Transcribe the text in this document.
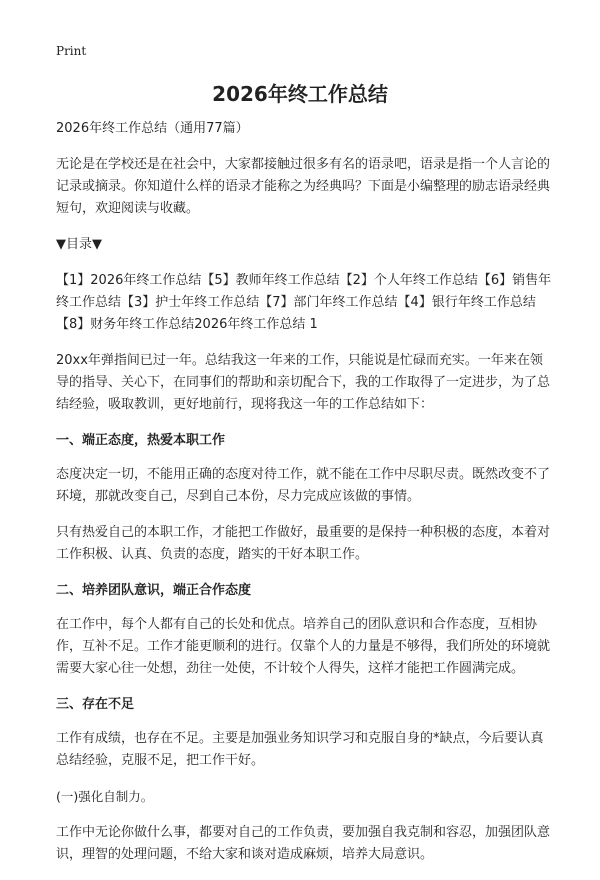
Print
2026年终工作总结

2026年终工作总结（通用77篇）

无论是在学校还是在社会中，大家都接触过很多有名的语录吧，语录是指一个人言论的记录或摘录。你知道什么样的语录才能称之为经典吗？下面是小编整理的励志语录经典短句，欢迎阅读与收藏。

▼目录▼

【1】2026年终工作总结【5】教师年终工作总结【2】个人年终工作总结【6】销售年终工作总结【3】护士年终工作总结【7】部门年终工作总结【4】银行年终工作总结【8】财务年终工作总结2026年终工作总结 1

20xx年弹指间已过一年。总结我这一年来的工作，只能说是忙碌而充实。一年来在领导的指导、关心下，在同事们的帮助和亲切配合下，我的工作取得了一定进步，为了总结经验，吸取教训，更好地前行，现将我这一年的工作总结如下：

一、端正态度，热爱本职工作

态度决定一切，不能用正确的态度对待工作，就不能在工作中尽职尽责。既然改变不了环境，那就改变自己，尽到自己本份，尽力完成应该做的事情。

只有热爱自己的本职工作，才能把工作做好，最重要的是保持一种积极的态度，本着对工作积极、认真、负责的态度，踏实的干好本职工作。

二、培养团队意识，端正合作态度

在工作中，每个人都有自己的长处和优点。培养自己的团队意识和合作态度，互相协作，互补不足。工作才能更顺利的进行。仅靠个人的力量是不够得，我们所处的环境就需要大家心往一处想，劲往一处使，不计较个人得失，这样才能把工作圆满完成。

三、存在不足

工作有成绩，也存在不足。主要是加强业务知识学习和克服自身的*缺点，今后要认真总结经验，克服不足，把工作干好。

(一)强化自制力。

工作中无论你做什么事，都要对自己的工作负责，要加强自我克制和容忍，加强团队意识，理智的处理问题，不给大家和谈对造成麻烦，培养大局意识。
